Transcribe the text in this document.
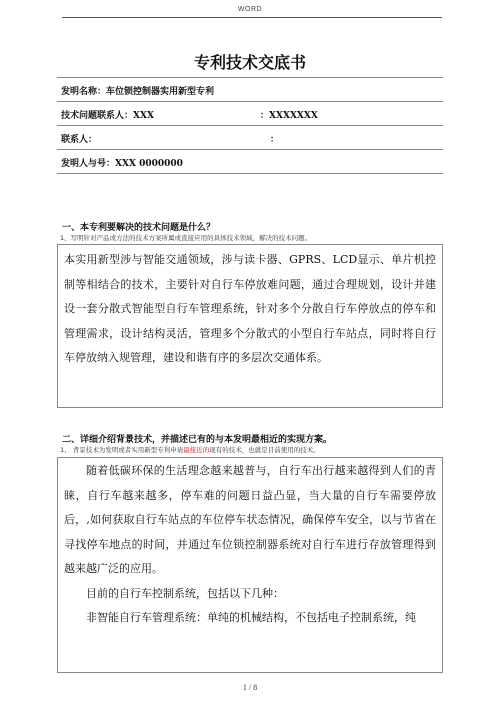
WORD
专利技术交底书
发明名称：车位锁控制器实用新型专利
技术问题联系人：XXX	：XXXXXXX
联系人：	：
发明人与号：XXX 0000000
一、本专利要解决的技术问题是什么？
1、写明针对产品或方法的技术方案所属或直接应用的具体技术领域，解决的技术问题。

本实用新型涉与智能交通领域，涉与读卡器、GPRS、LCD显示、单片机控制等相结合的技术，主要针对自行车停放难问题，通过合理规划，设计并建设一套分散式智能型自行车管理系统，针对多个分散自行车停放点的停车和管理需求，设计结构灵活，管理多个分散式的小型自行车站点，同时将自行车停放纳入规管理，建设和谐有序的多层次交通体系。

二、详细介绍背景技术，并描述已有的与本发明最相近的实现方案。
1、 背景技术为发明或者实用新型专利申请最接近的现有的技术，也就是目前使用的技术。

随着低碳环保的生活理念越来越普与，自行车出行越来越得到人们的青睐，自行车越来越多，停车难的问题日益凸显，当大量的自行车需要停放后，,如何获取自行车站点的车位停车状态情况，确保停车安全，以与节省在寻找停车地点的时间，并通过车位锁控制器系统对自行车进行存放管理得到越来越广泛的应用。

目前的自行车控制系统，包括以下几种：

非智能自行车管理系统：单纯的机械结构，不包括电子控制系统，纯

1 / 8
